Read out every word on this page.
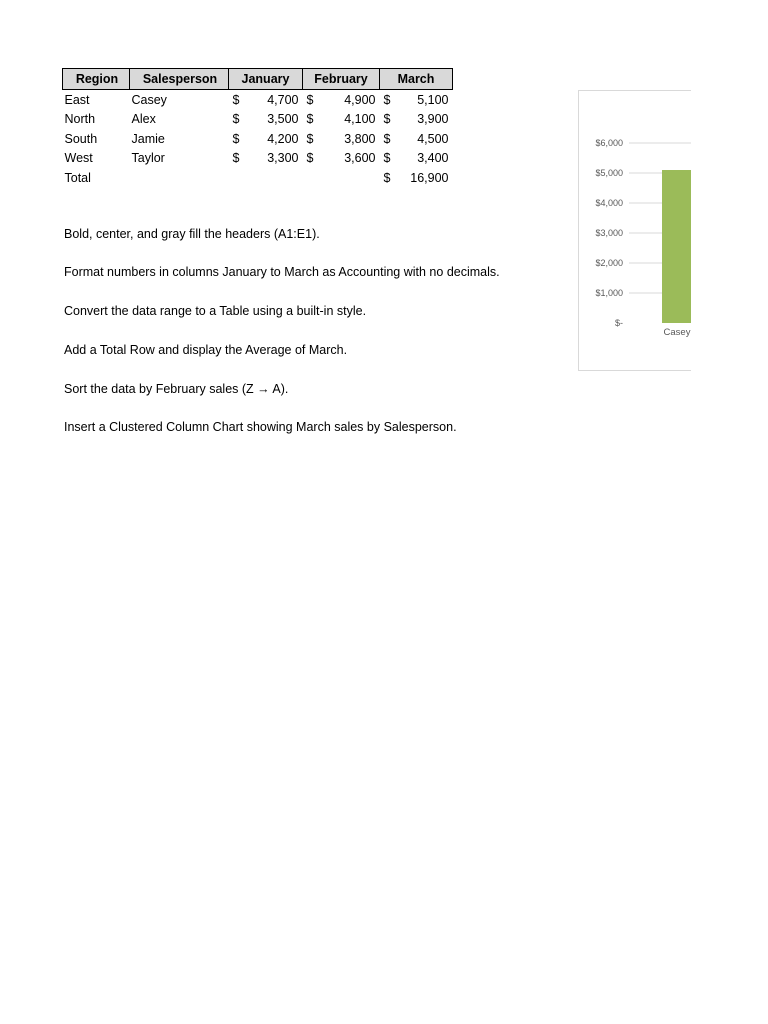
Region	Salesperson	January	February	March
East	Casey	$ 4,700	$ 4,900	$ 5,100

North	Alex	$ 3,500	$ 4,100	$ 3,900

South	Jamie	$ 4,200	$ 3,800	$ 4,500

West	Taylor	$ 3,300	$ 3,600	$ 3,400

Total				$ 16,900
Bold, center, and gray fill the headers (A1:E1).
Format numbers in columns January to March as Accounting with no decimals.
Convert the data range to a Table using a built-in style.
Add a Total Row and display the Average of March.
Sort the data by February sales (Z → A).
Insert a Clustered Column Chart showing March sales by Salesperson.
$-
$1,000
$2,000
$3,000
$4,000
$5,000
$6,000
Casey
